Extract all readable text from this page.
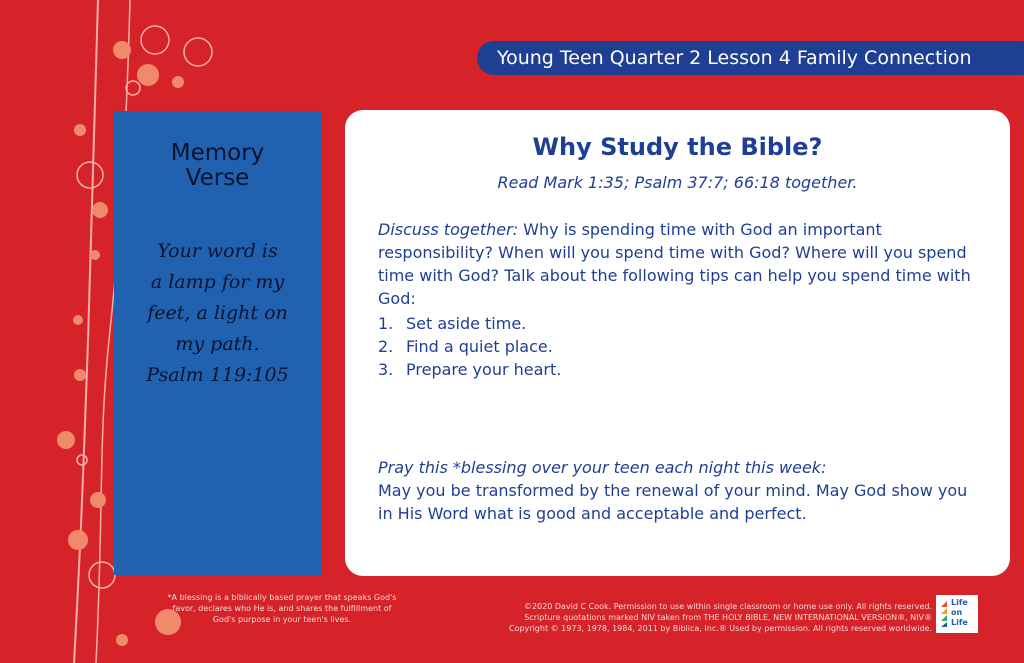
Young Teen Quarter 2 Lesson 4 Family Connection
Memory
Verse
Your word is
a lamp for my
feet, a light on
my path.
Psalm 119:105
Why Study the Bible?
Read Mark 1:35; Psalm 37:7; 66:18 together.
Discuss together: Why is spending time with God an important responsibility? When will you spend time with God? Where will you spend time with God? Talk about the following tips can help you spend time with God:
1. Set aside time.
2. Find a quiet place.
3. Prepare your heart.
Pray this *blessing over your teen each night this week:
May you be transformed by the renewal of your mind. May God show you in His Word what is good and acceptable and perfect.
*A blessing is a biblically based prayer that speaks God's favor, declares who He is, and shares the fulfillment of God's purpose in your teen's lives.
©2020 David C Cook. Permission to use within single classroom or home use only. All rights reserved.
Scripture quotations marked NIV taken from THE HOLY BIBLE, NEW INTERNATIONAL VERSION®, NIV®
Copyright © 1973, 1978, 1984, 2011 by Biblica, Inc.® Used by permission. All rights reserved worldwide.
Life
on
Life
